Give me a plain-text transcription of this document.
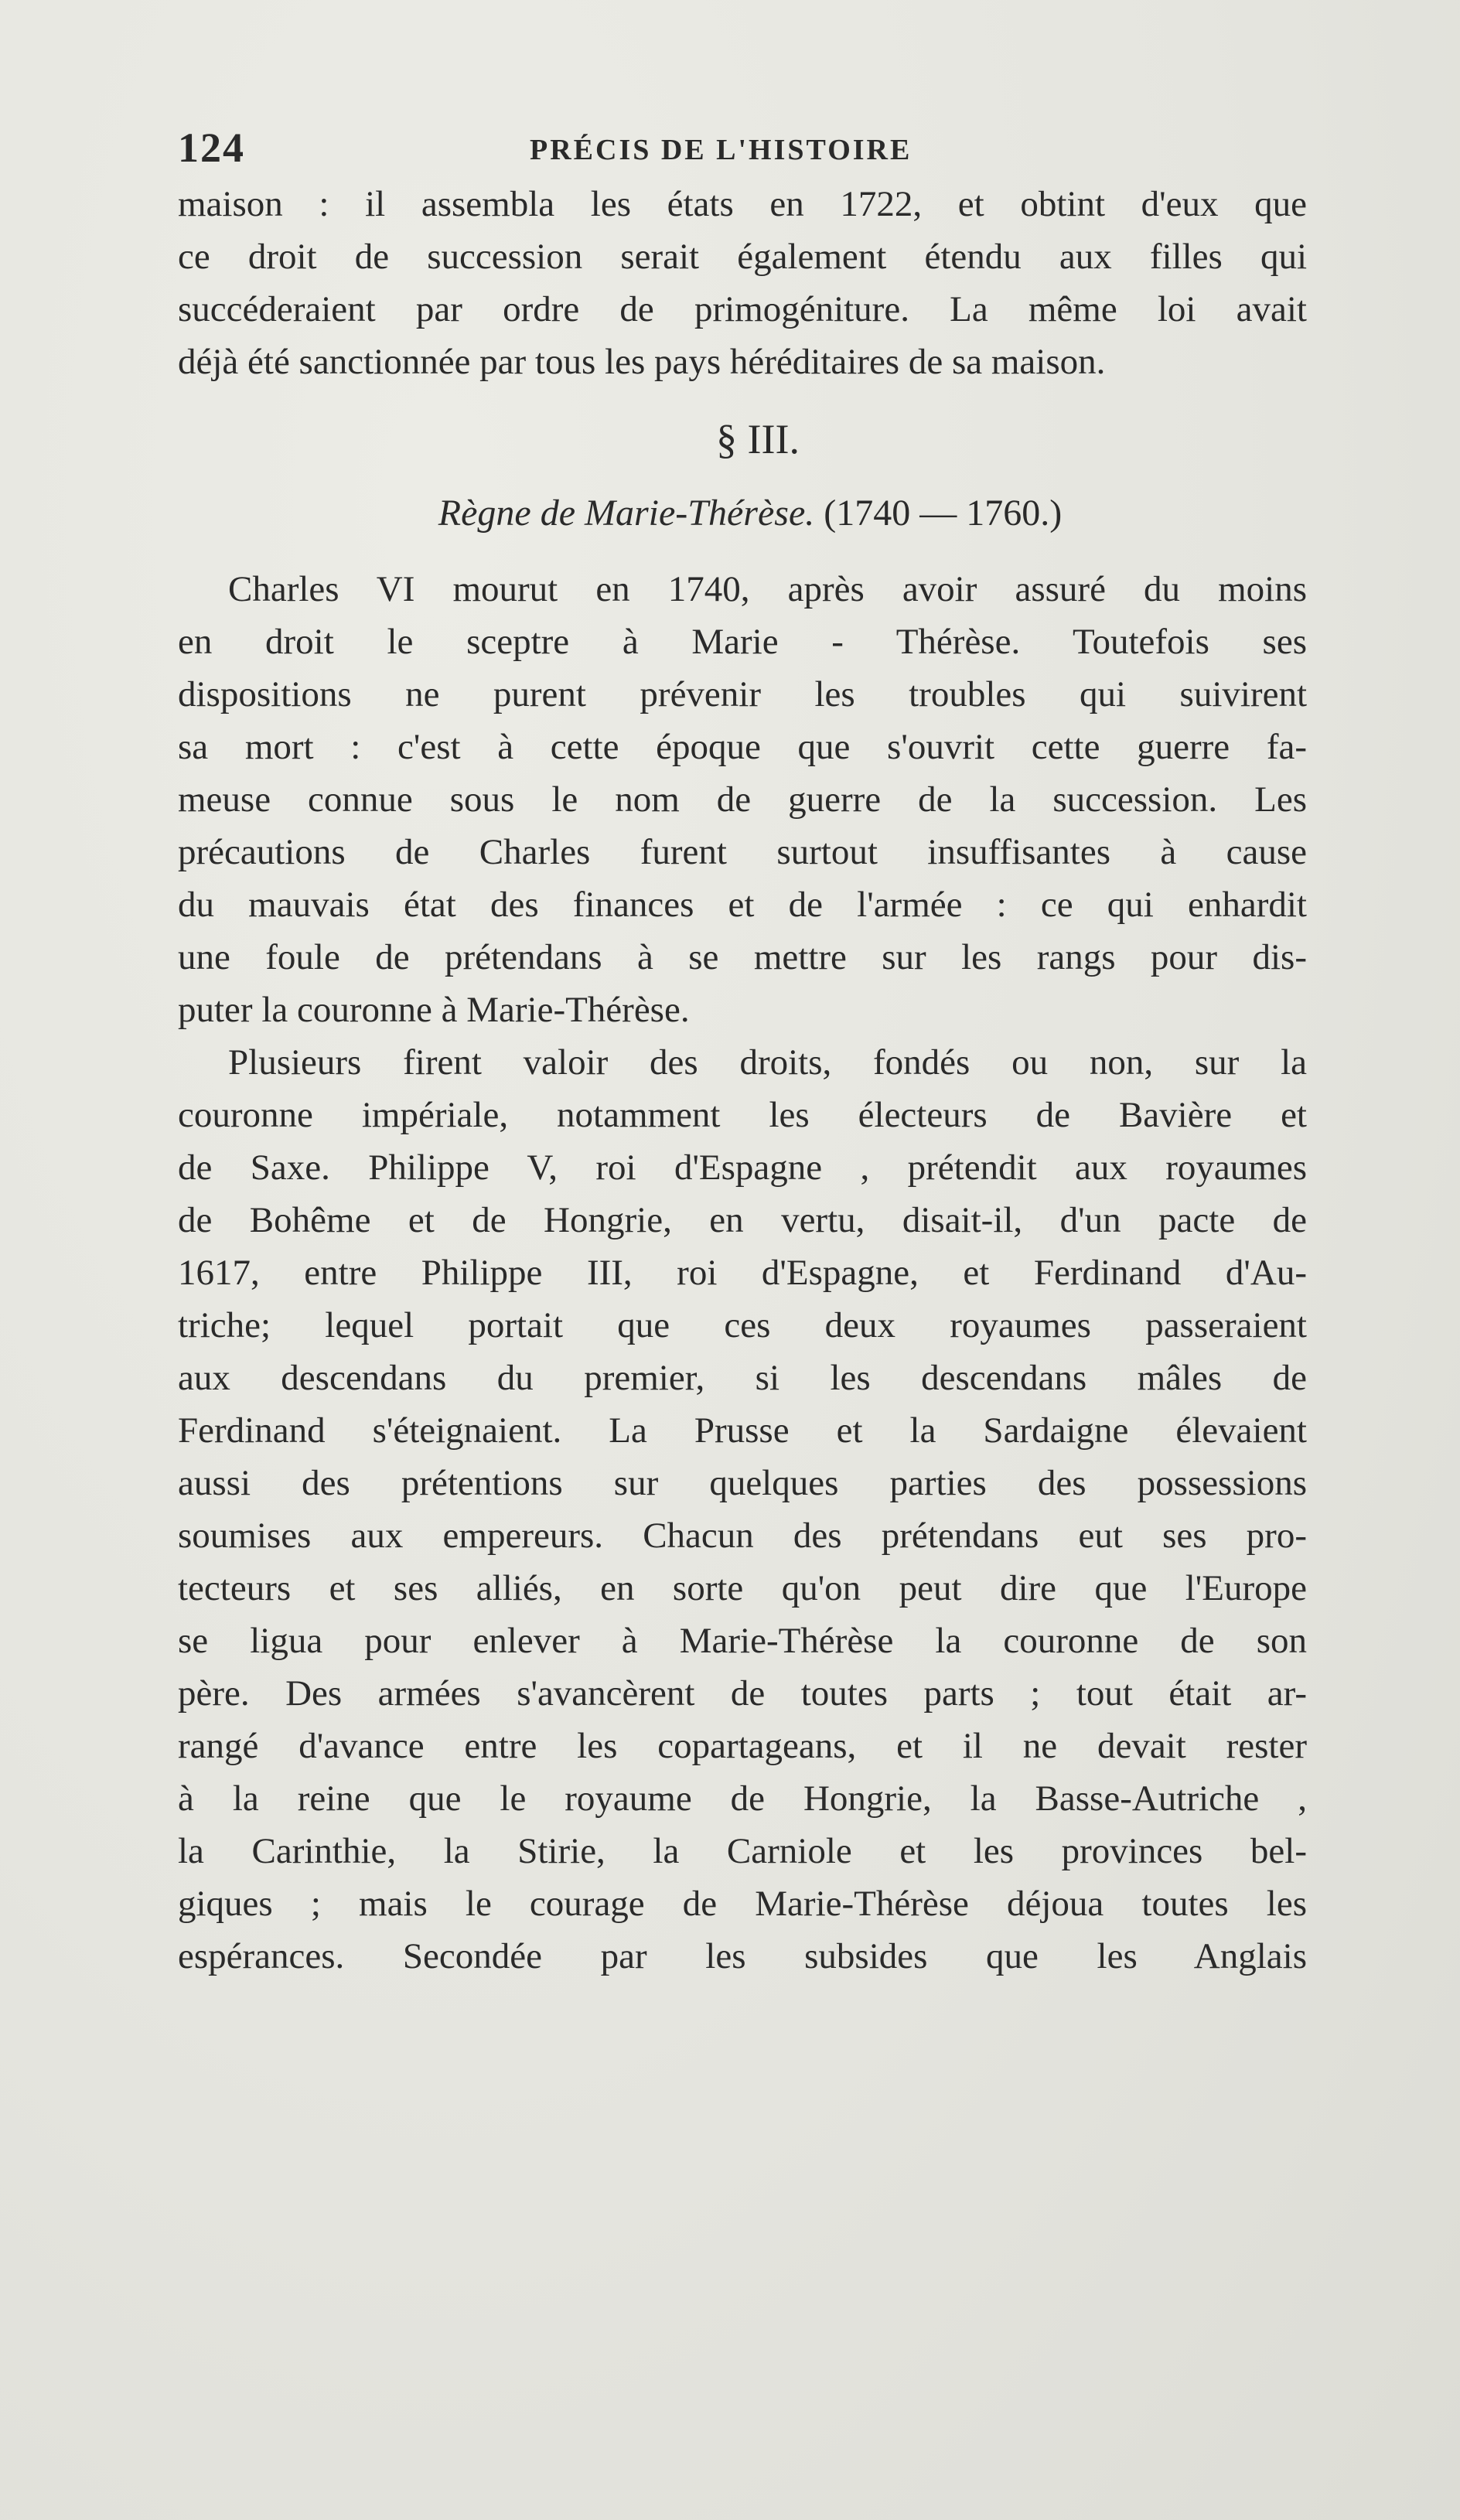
124	PRÉCIS DE L'HISTOIRE
maison : il assembla les états en 1722, et obtint d'eux que
ce droit de succession serait également étendu aux filles qui
succéderaient par ordre de primogéniture. La même loi avait
déjà été sanctionnée par tous les pays héréditaires de sa maison.
§ III.
Règne de Marie-Thérèse. (1740 — 1760.)
Charles VI mourut en 1740, après avoir assuré du moins
en droit le sceptre à Marie - Thérèse. Toutefois ses
dispositions ne purent prévenir les troubles qui suivirent
sa mort : c'est à cette époque que s'ouvrit cette guerre fa-
meuse connue sous le nom de guerre de la succession. Les
précautions de Charles furent surtout insuffisantes à cause
du mauvais état des finances et de l'armée : ce qui enhardit
une foule de prétendans à se mettre sur les rangs pour dis-
puter la couronne à Marie-Thérèse.
Plusieurs firent valoir des droits, fondés ou non, sur la
couronne impériale, notamment les électeurs de Bavière et
de Saxe. Philippe V, roi d'Espagne , prétendit aux royaumes
de Bohême et de Hongrie, en vertu, disait-il, d'un pacte de
1617, entre Philippe III, roi d'Espagne, et Ferdinand d'Au-
triche; lequel portait que ces deux royaumes passeraient
aux descendans du premier, si les descendans mâles de
Ferdinand s'éteignaient. La Prusse et la Sardaigne élevaient
aussi des prétentions sur quelques parties des possessions
soumises aux empereurs. Chacun des prétendans eut ses pro-
tecteurs et ses alliés, en sorte qu'on peut dire que l'Europe
se ligua pour enlever à Marie-Thérèse la couronne de son
père. Des armées s'avancèrent de toutes parts ; tout était ar-
rangé d'avance entre les copartageans, et il ne devait rester
à la reine que le royaume de Hongrie, la Basse-Autriche ,
la Carinthie, la Stirie, la Carniole et les provinces bel-
giques ; mais le courage de Marie-Thérèse déjoua toutes les
espérances. Secondée par les subsides que les Anglais
